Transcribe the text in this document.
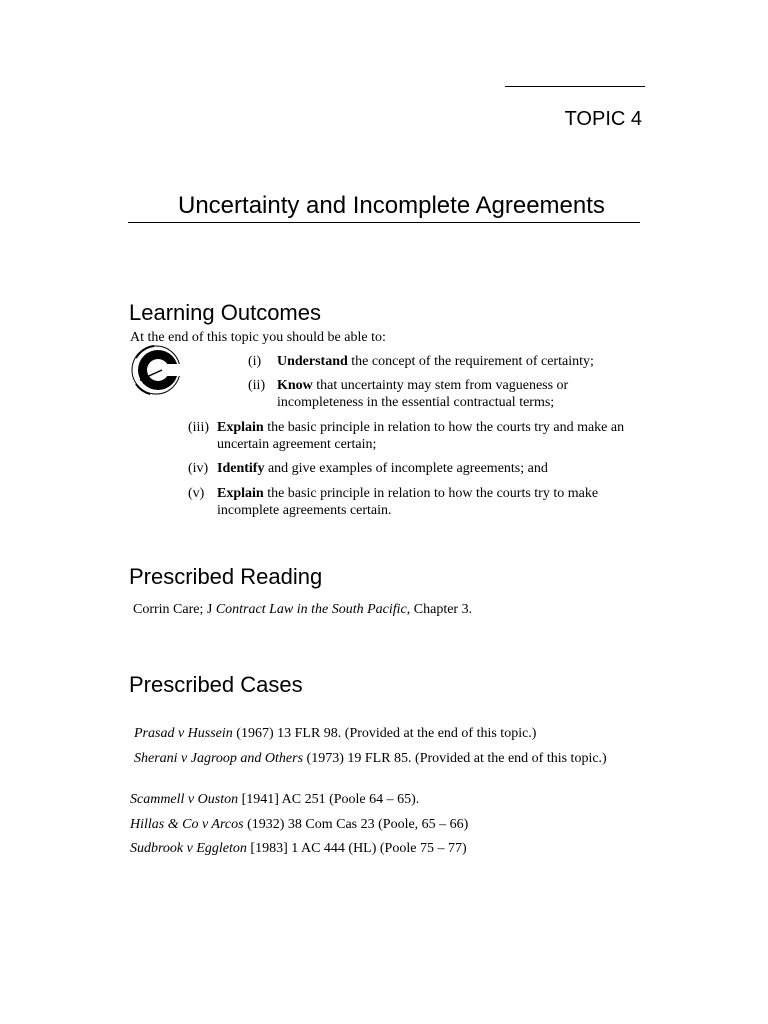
TOPIC 4
Uncertainty and Incomplete Agreements
Learning Outcomes
At the end of this topic you should be able to:
(i)	Understand the concept of the requirement of certainty;
(ii) Know that uncertainty may stem from vagueness or incompleteness in the essential contractual terms;
(iii) Explain the basic principle in relation to how the courts try and make an uncertain agreement certain;
(iv) Identify and give examples of incomplete agreements; and
(v) Explain the basic principle in relation to how the courts try to make incomplete agreements certain.
Prescribed Reading
Corrin Care; J Contract Law in the South Pacific, Chapter 3.
Prescribed Cases
Prasad v Hussein (1967) 13 FLR 98. (Provided at the end of this topic.)
Sherani v Jagroop and Others (1973) 19 FLR 85. (Provided at the end of this topic.)
Scammell v Ouston [1941] AC 251 (Poole 64 – 65).
Hillas & Co v Arcos (1932) 38 Com Cas 23 (Poole, 65 – 66)
Sudbrook v Eggleton [1983] 1 AC 444 (HL) (Poole 75 – 77)
